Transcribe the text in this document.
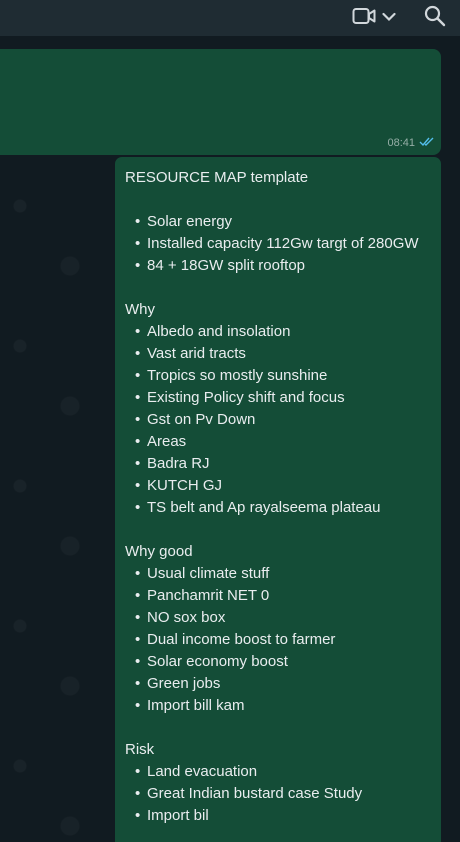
08:41
RESOURCE MAP template
• Solar energy
• Installed capacity 112Gw targt of 280GW
• 84 + 18GW split rooftop
Why
• Albedo and insolation
• Vast arid tracts
• Tropics so mostly sunshine
• Existing Policy shift and focus
• Gst on Pv Down
• Areas
• Badra RJ
• KUTCH GJ
• TS belt and Ap rayalseema plateau
Why good
• Usual climate stuff
• Panchamrit NET 0
• NO sox box
• Dual income boost to farmer
• Solar economy boost
• Green jobs
• Import bill kam
Risk
• Land evacuation
• Great Indian bustard case Study
• Import bil
